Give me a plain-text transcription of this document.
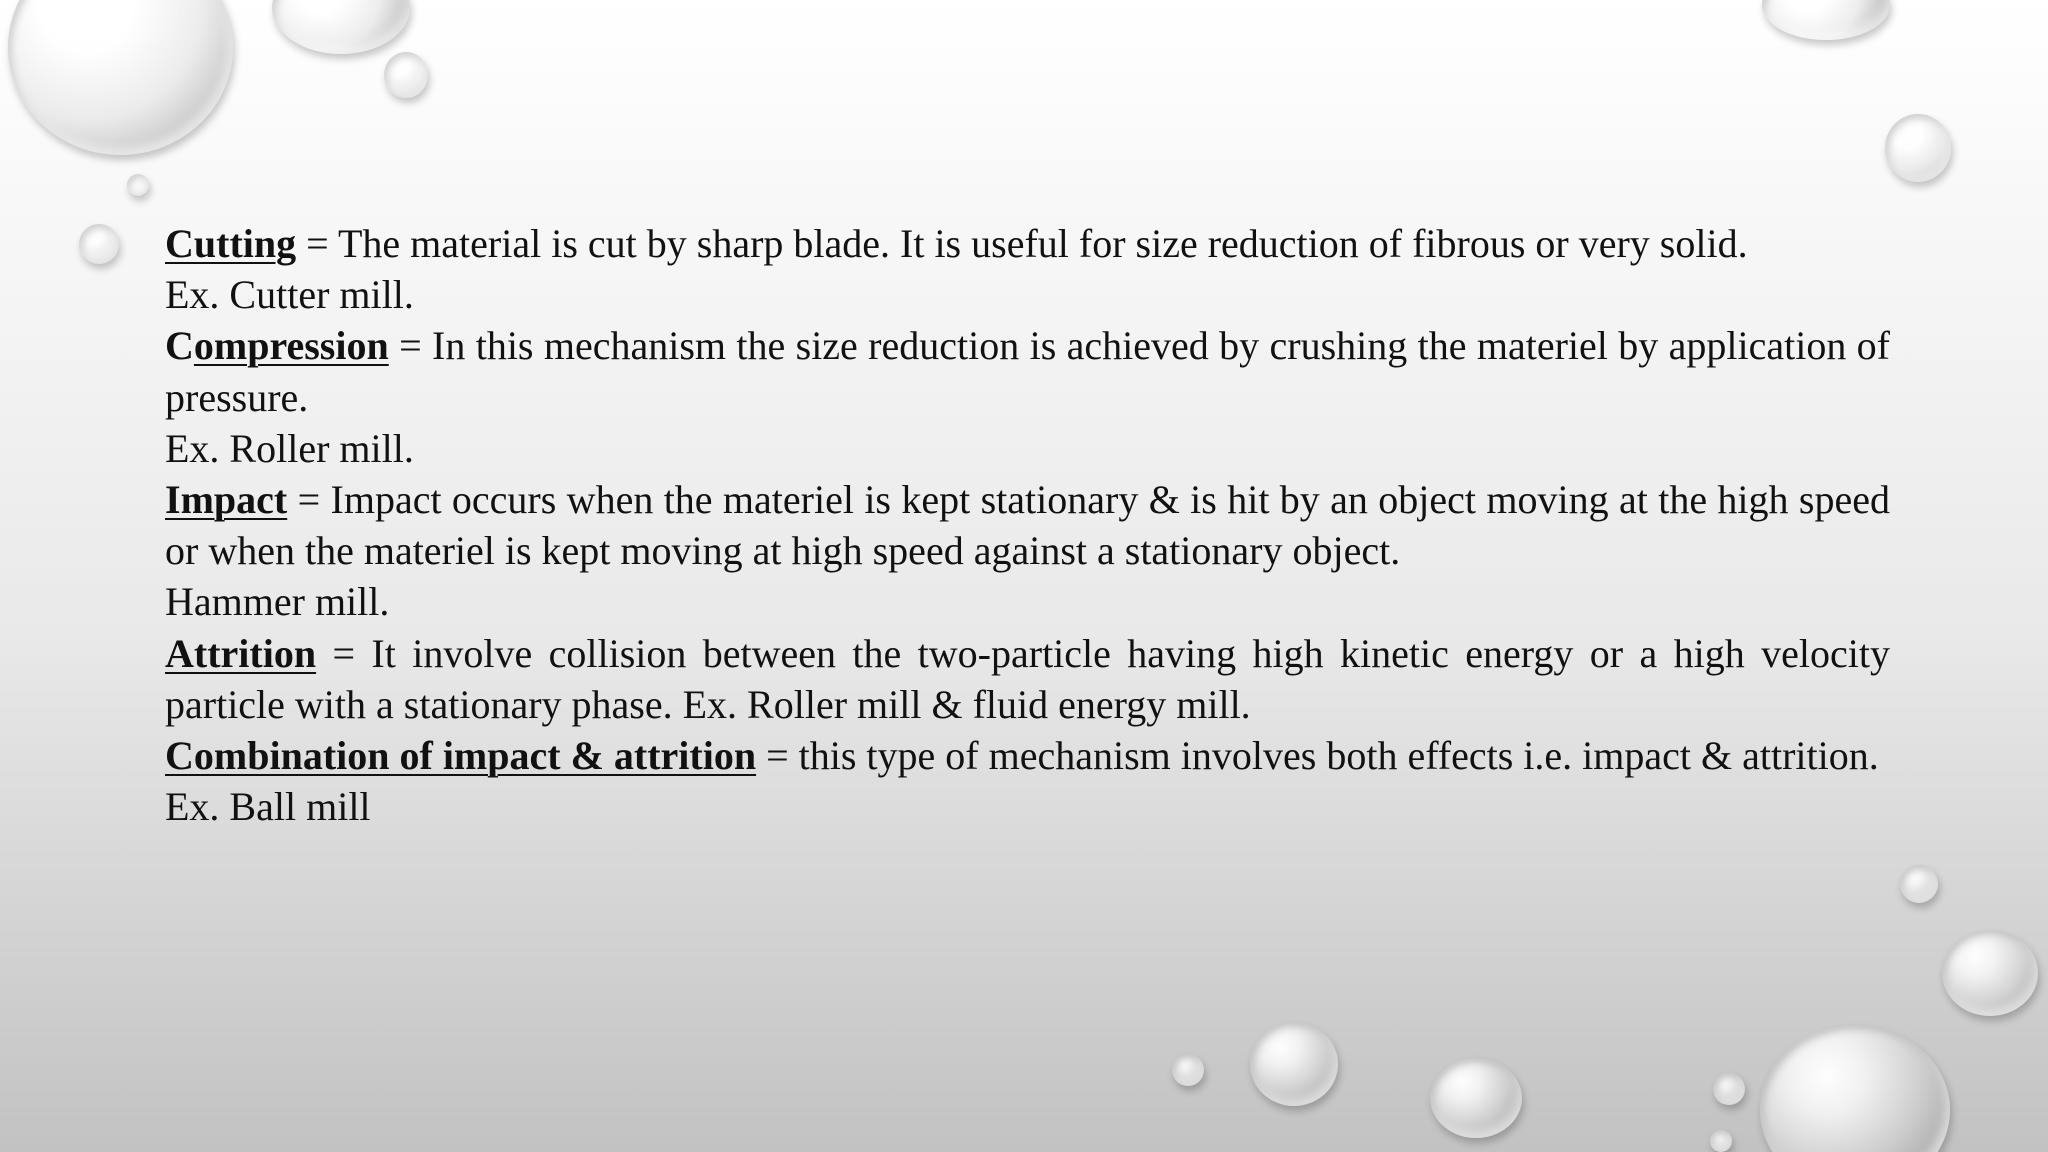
Cutting = The material is cut by sharp blade. It is useful for size reduction of fibrous or very solid.

Ex. Cutter mill.

Compression = In this mechanism the size reduction is achieved by crushing the materiel by application of pressure.

Ex. Roller mill.

Impact = Impact occurs when the materiel is kept stationary & is hit by an object moving at the high speed or when the materiel is kept moving at high speed against a stationary object.

Hammer mill.

Attrition = It involve collision between the two-particle having high kinetic energy or a high velocity particle with a stationary phase. Ex. Roller mill & fluid energy mill.

Combination of impact & attrition = this type of mechanism involves both effects i.e. impact & attrition.

Ex. Ball mill
